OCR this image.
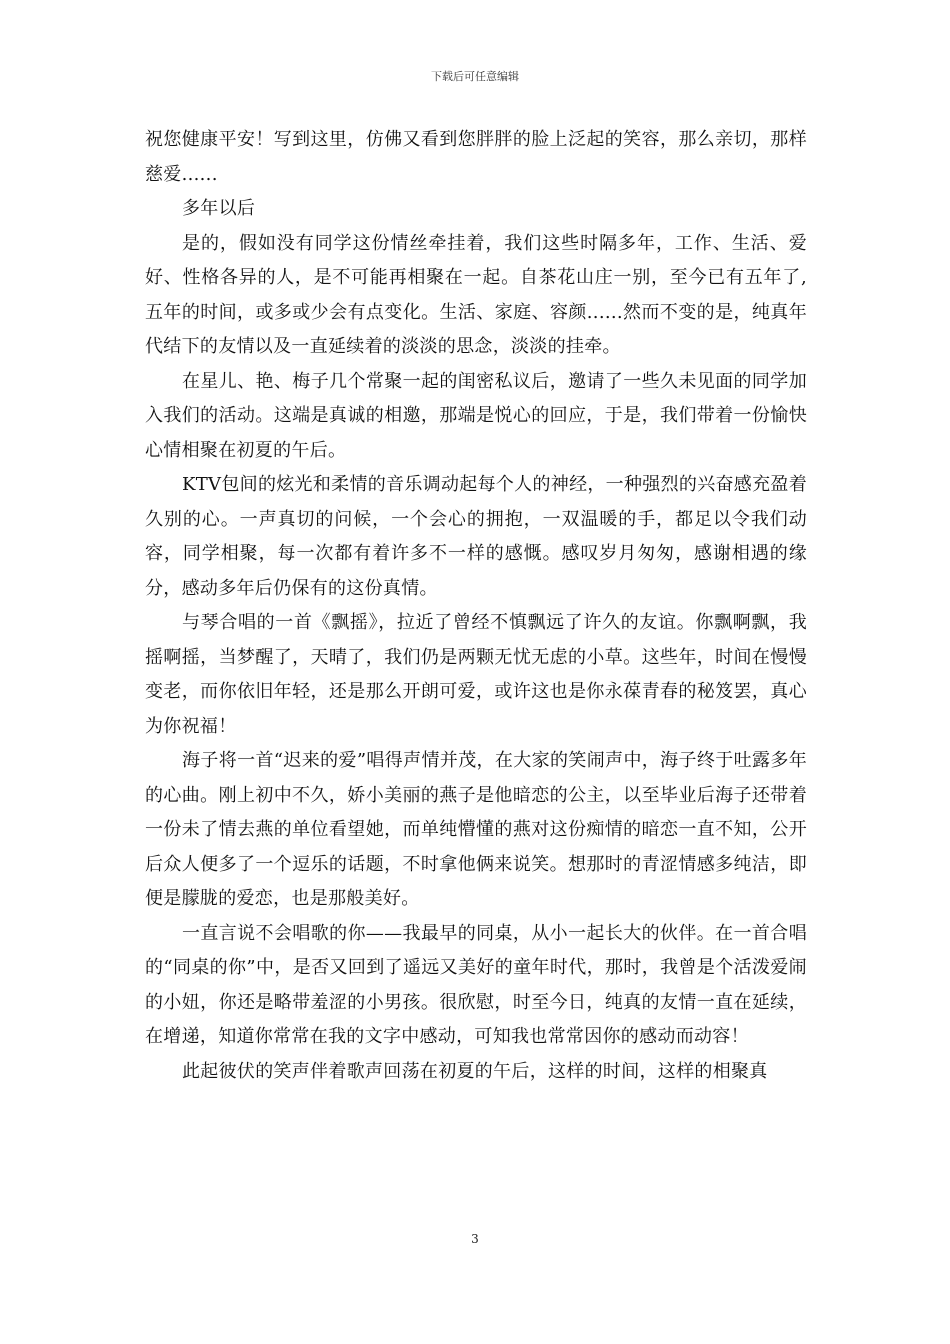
下载后可任意编辑

祝您健康平安！写到这里，仿佛又看到您胖胖的脸上泛起的笑容，那么亲切，那样慈爱......

多年以后

是的，假如没有同学这份情丝牵挂着，我们这些时隔多年，工作、生活、爱好、性格各异的人，是不可能再相聚在一起。自茶花山庄一别，至今已有五年了,五年的时间，或多或少会有点变化。生活、家庭、容颜......然而不变的是，纯真年代结下的友情以及一直延续着的淡淡的思念，淡淡的挂牵。

在星儿、艳、梅子几个常聚一起的闺密私议后，邀请了一些久未见面的同学加入我们的活动。这端是真诚的相邀，那端是悦心的回应，于是，我们带着一份愉快心情相聚在初夏的午后。

KTV包间的炫光和柔情的音乐调动起每个人的神经，一种强烈的兴奋感充盈着久别的心。一声真切的问候，一个会心的拥抱，一双温暖的手，都足以令我们动容，同学相聚，每一次都有着许多不一样的感慨。感叹岁月匆匆，感谢相遇的缘分，感动多年后仍保有的这份真情。

与琴合唱的一首《飘摇》，拉近了曾经不慎飘远了许久的友谊。你飘啊飘，我摇啊摇，当梦醒了，天晴了，我们仍是两颗无忧无虑的小草。这些年，时间在慢慢变老，而你依旧年轻，还是那么开朗可爱，或许这也是你永葆青春的秘笈罢，真心为你祝福！

海子将一首“迟来的爱”唱得声情并茂，在大家的笑闹声中，海子终于吐露多年的心曲。刚上初中不久，娇小美丽的燕子是他暗恋的公主，以至毕业后海子还带着一份未了情去燕的单位看望她，而单纯懵懂的燕对这份痴情的暗恋一直不知，公开后众人便多了一个逗乐的话题，不时拿他俩来说笑。想那时的青涩情感多纯洁，即便是朦胧的爱恋，也是那般美好。

一直言说不会唱歌的你——我最早的同桌，从小一起长大的伙伴。在一首合唱的“同桌的你”中，是否又回到了遥远又美好的童年时代，那时，我曾是个活泼爱闹的小妞，你还是略带羞涩的小男孩。很欣慰，时至今日，纯真的友情一直在延续，在增递，知道你常常在我的文字中感动，可知我也常常因你的感动而动容！

此起彼伏的笑声伴着歌声回荡在初夏的午后，这样的时间，这样的相聚真

3
